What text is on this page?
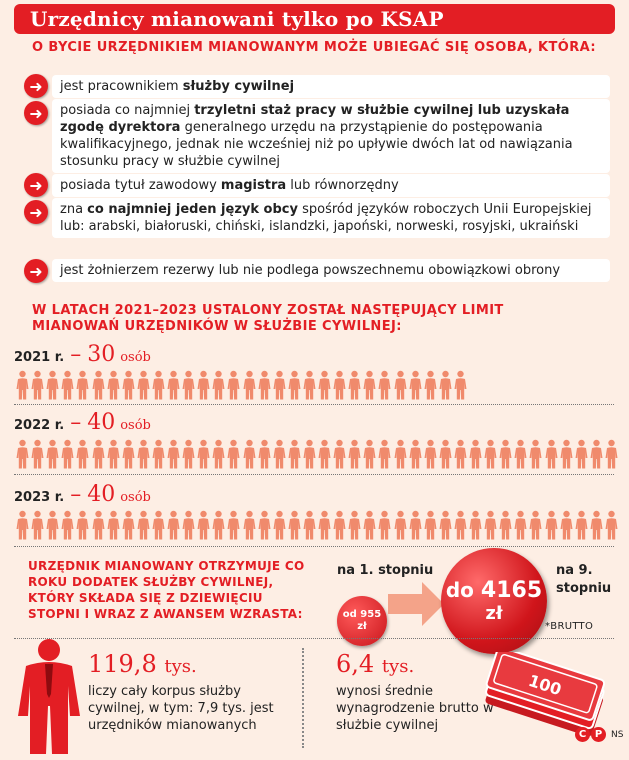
Urzędnicy mianowani tylko po KSAP
O BYCIE URZĘDNIKIEM MIANOWANYM MOŻE UBIEGAĆ SIĘ OSOBA, KTÓRA:
➜	jest pracownikiem służby cywilnej
➜	posiada co najmniej trzyletni staż pracy w służbie cywilnej lub uzyskała zgodę dyrektora generalnego urzędu na przystąpienie do postępowania kwalifikacyjnego, jednak nie wcześniej niż po upływie dwóch lat od nawiązania stosunku pracy w służbie cywilnej
➜	posiada tytuł zawodowy magistra lub równorzędny
➜	zna co najmniej jeden język obcy spośród języków roboczych Unii Europejskiej lub: arabski, białoruski, chiński, islandzki, japoński, norweski, rosyjski, ukraiński
➜	jest żołnierzem rezerwy lub nie podlega powszechnemu obowiązkowi obrony
W LATACH 2021–2023 USTALONY ZOSTAŁ NASTĘPUJĄCY LIMIT MIANOWAŃ URZĘDNIKÓW W SŁUŻBIE CYWILNEJ:
2021 r. – 30 osób
2022 r. – 40 osób
2023 r. – 40 osób
URZĘDNIK MIANOWANY OTRZYMUJE CO ROKU DODATEK SŁUŻBY CYWILNEJ, KTÓRY SKŁADA SIĘ Z DZIEWIĘCIU STOPNI I WRAZ Z AWANSEM WZRASTA:
na 1. stopniu
od 955 zł
do 4165
zł
na 9. stopniu
*BRUTTO
119,8 tys.
liczy cały korpus służby cywilnej, w tym: 7,9 tys. jest urzędników mianowanych
6,4 tys.
wynosi średnie wynagrodzenie brutto w służbie cywilnej
100
C P NS
